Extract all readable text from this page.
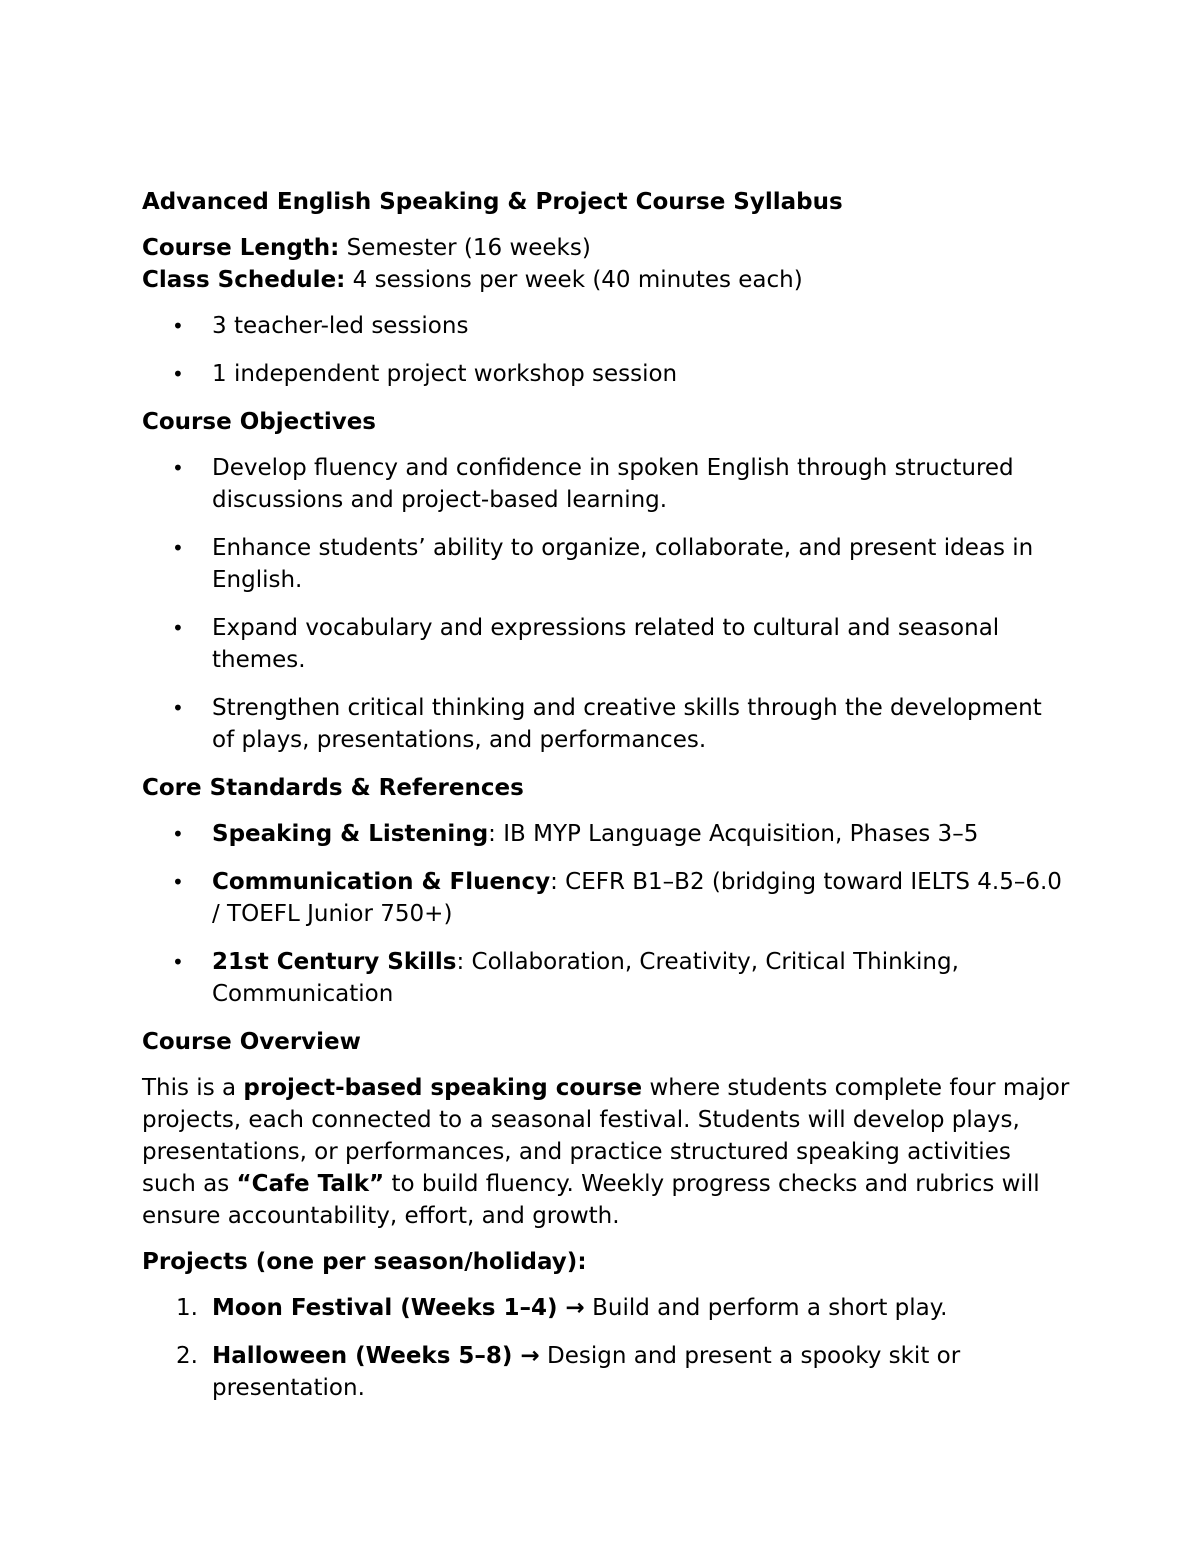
Advanced English Speaking & Project Course Syllabus

Course Length: Semester (16 weeks)

Class Schedule: 4 sessions per week (40 minutes each)

• 3 teacher-led sessions
• 1 independent project workshop session

Course Objectives

• Develop fluency and confidence in spoken English through structured discussions and project-based learning.
• Enhance students’ ability to organize, collaborate, and present ideas in English.
• Expand vocabulary and expressions related to cultural and seasonal themes.
• Strengthen critical thinking and creative skills through the development of plays, presentations, and performances.

Core Standards & References

• Speaking & Listening: IB MYP Language Acquisition, Phases 3–5
• Communication & Fluency: CEFR B1–B2 (bridging toward IELTS 4.5–6.0 / TOEFL Junior 750+)
• 21st Century Skills: Collaboration, Creativity, Critical Thinking, Communication

Course Overview

This is a project-based speaking course where students complete four major projects, each connected to a seasonal festival. Students will develop plays, presentations, or performances, and practice structured speaking activities such as “Cafe Talk” to build fluency. Weekly progress checks and rubrics will ensure accountability, effort, and growth.

Projects (one per season/holiday):

1. Moon Festival (Weeks 1–4) → Build and perform a short play.
2. Halloween (Weeks 5–8) → Design and present a spooky skit or presentation.
